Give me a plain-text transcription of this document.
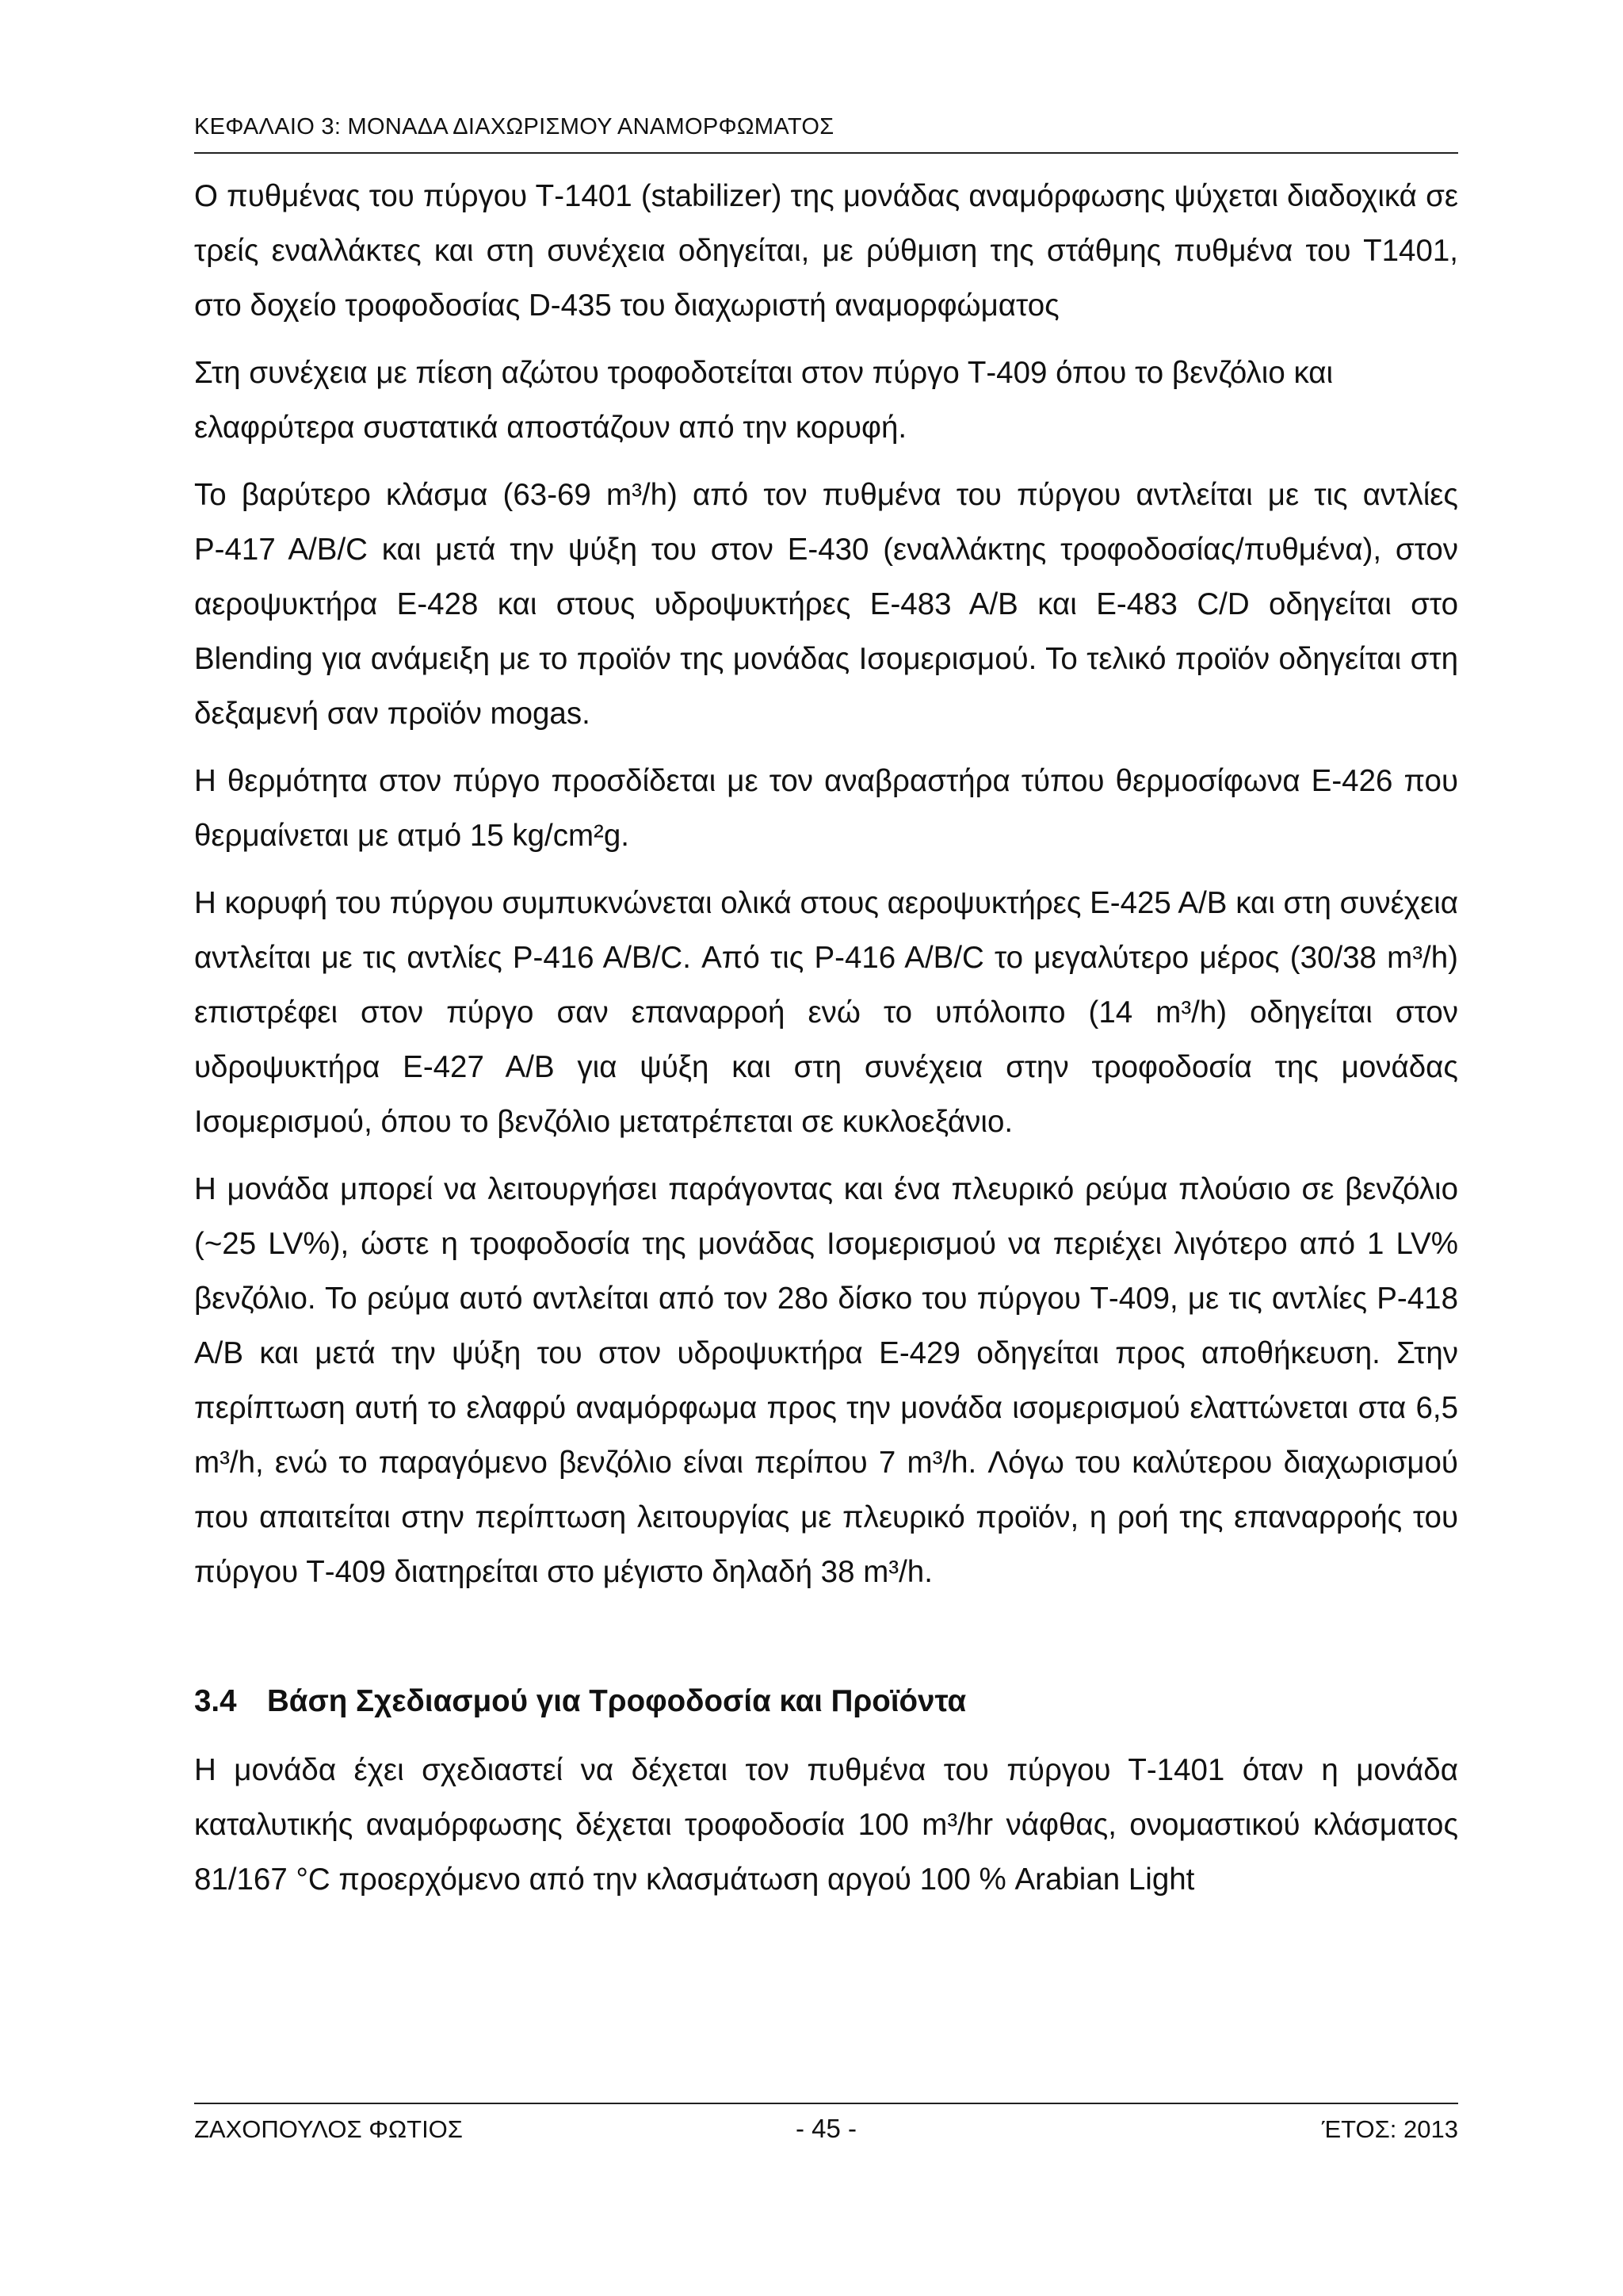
ΚΕΦΑΛΑΙΟ 3: ΜΟΝΑΔΑ ΔΙΑΧΩΡΙΣΜΟΥ ΑΝΑΜΟΡΦΩΜΑΤΟΣ

Ο πυθμένας του πύργου Τ-1401 (stabilizer) της μονάδας αναμόρφωσης ψύχεται διαδοχικά σε τρείς εναλλάκτες και στη συνέχεια οδηγείται, με ρύθμιση της στάθμης πυθμένα του Τ1401, στο δοχείο τροφοδοσίας D-435 του διαχωριστή αναμορφώματος

Στη συνέχεια με πίεση αζώτου τροφοδοτείται στον πύργο Τ-409 όπου το βενζόλιο και ελαφρύτερα συστατικά αποστάζουν από την κορυφή.

Το βαρύτερο κλάσμα (63-69 m³/h) από τον πυθμένα του πύργου αντλείται με τις αντλίες Ρ-417 Α/Β/C και μετά την ψύξη του στον Ε-430 (εναλλάκτης τροφοδοσίας/πυθμένα), στον αεροψυκτήρα Ε-428 και στους υδροψυκτήρες Ε-483 Α/Β και Ε-483 C/D οδηγείται στο Blending για ανάμειξη με το προϊόν της μονάδας Ισομερισμού. Το τελικό προϊόν οδηγείται στη δεξαμενή σαν προϊόν mogas.

Η θερμότητα στον πύργο προσδίδεται με τον αναβραστήρα τύπου θερμοσίφωνα Ε-426 που θερμαίνεται με ατμό 15 kg/cm²g.

Η κορυφή του πύργου συμπυκνώνεται ολικά στους αεροψυκτήρες Ε-425 Α/Β και στη συνέχεια αντλείται με τις αντλίες Ρ-416 Α/Β/C. Από τις Ρ-416 Α/Β/C το μεγαλύτερο μέρος (30/38 m³/h) επιστρέφει στον πύργο σαν επαναρροή ενώ το υπόλοιπο (14 m³/h) οδηγείται στον υδροψυκτήρα Ε-427 Α/Β για ψύξη και στη συνέχεια στην τροφοδοσία της μονάδας Ισομερισμού, όπου το βενζόλιο μετατρέπεται σε κυκλοεξάνιο.

Η μονάδα μπορεί να λειτουργήσει παράγοντας και ένα πλευρικό ρεύμα πλούσιο σε βενζόλιο (~25 LV%), ώστε η τροφοδοσία της μονάδας Ισομερισμού να περιέχει λιγότερο από 1 LV% βενζόλιο. Το ρεύμα αυτό αντλείται από τον 28ο δίσκο του πύργου Τ-409, με τις αντλίες Ρ-418 Α/Β και μετά την ψύξη του στον υδροψυκτήρα Ε-429 οδηγείται προς αποθήκευση. Στην περίπτωση αυτή το ελαφρύ αναμόρφωμα προς την μονάδα ισομερισμού ελαττώνεται στα 6,5 m³/h, ενώ το παραγόμενο βενζόλιο είναι περίπου 7 m³/h. Λόγω του καλύτερου διαχωρισμού που απαιτείται στην περίπτωση λειτουργίας με πλευρικό προϊόν, η ροή της επαναρροής του πύργου Τ-409 διατηρείται στο μέγιστο δηλαδή 38 m³/h.

3.4 Βάση Σχεδιασμού για Τροφοδοσία και Προϊόντα

Η μονάδα έχει σχεδιαστεί να δέχεται τον πυθμένα του πύργου Τ-1401 όταν η μονάδα καταλυτικής αναμόρφωσης δέχεται τροφοδοσία 100 m³/hr νάφθας, ονομαστικού κλάσματος 81/167 °C προερχόμενο από την κλασμάτωση αργού 100 % Arabian Light

ΖΑΧΟΠΟΥΛΟΣ ΦΩΤΙΟΣ	- 45 -	ΈΤΟΣ: 2013
